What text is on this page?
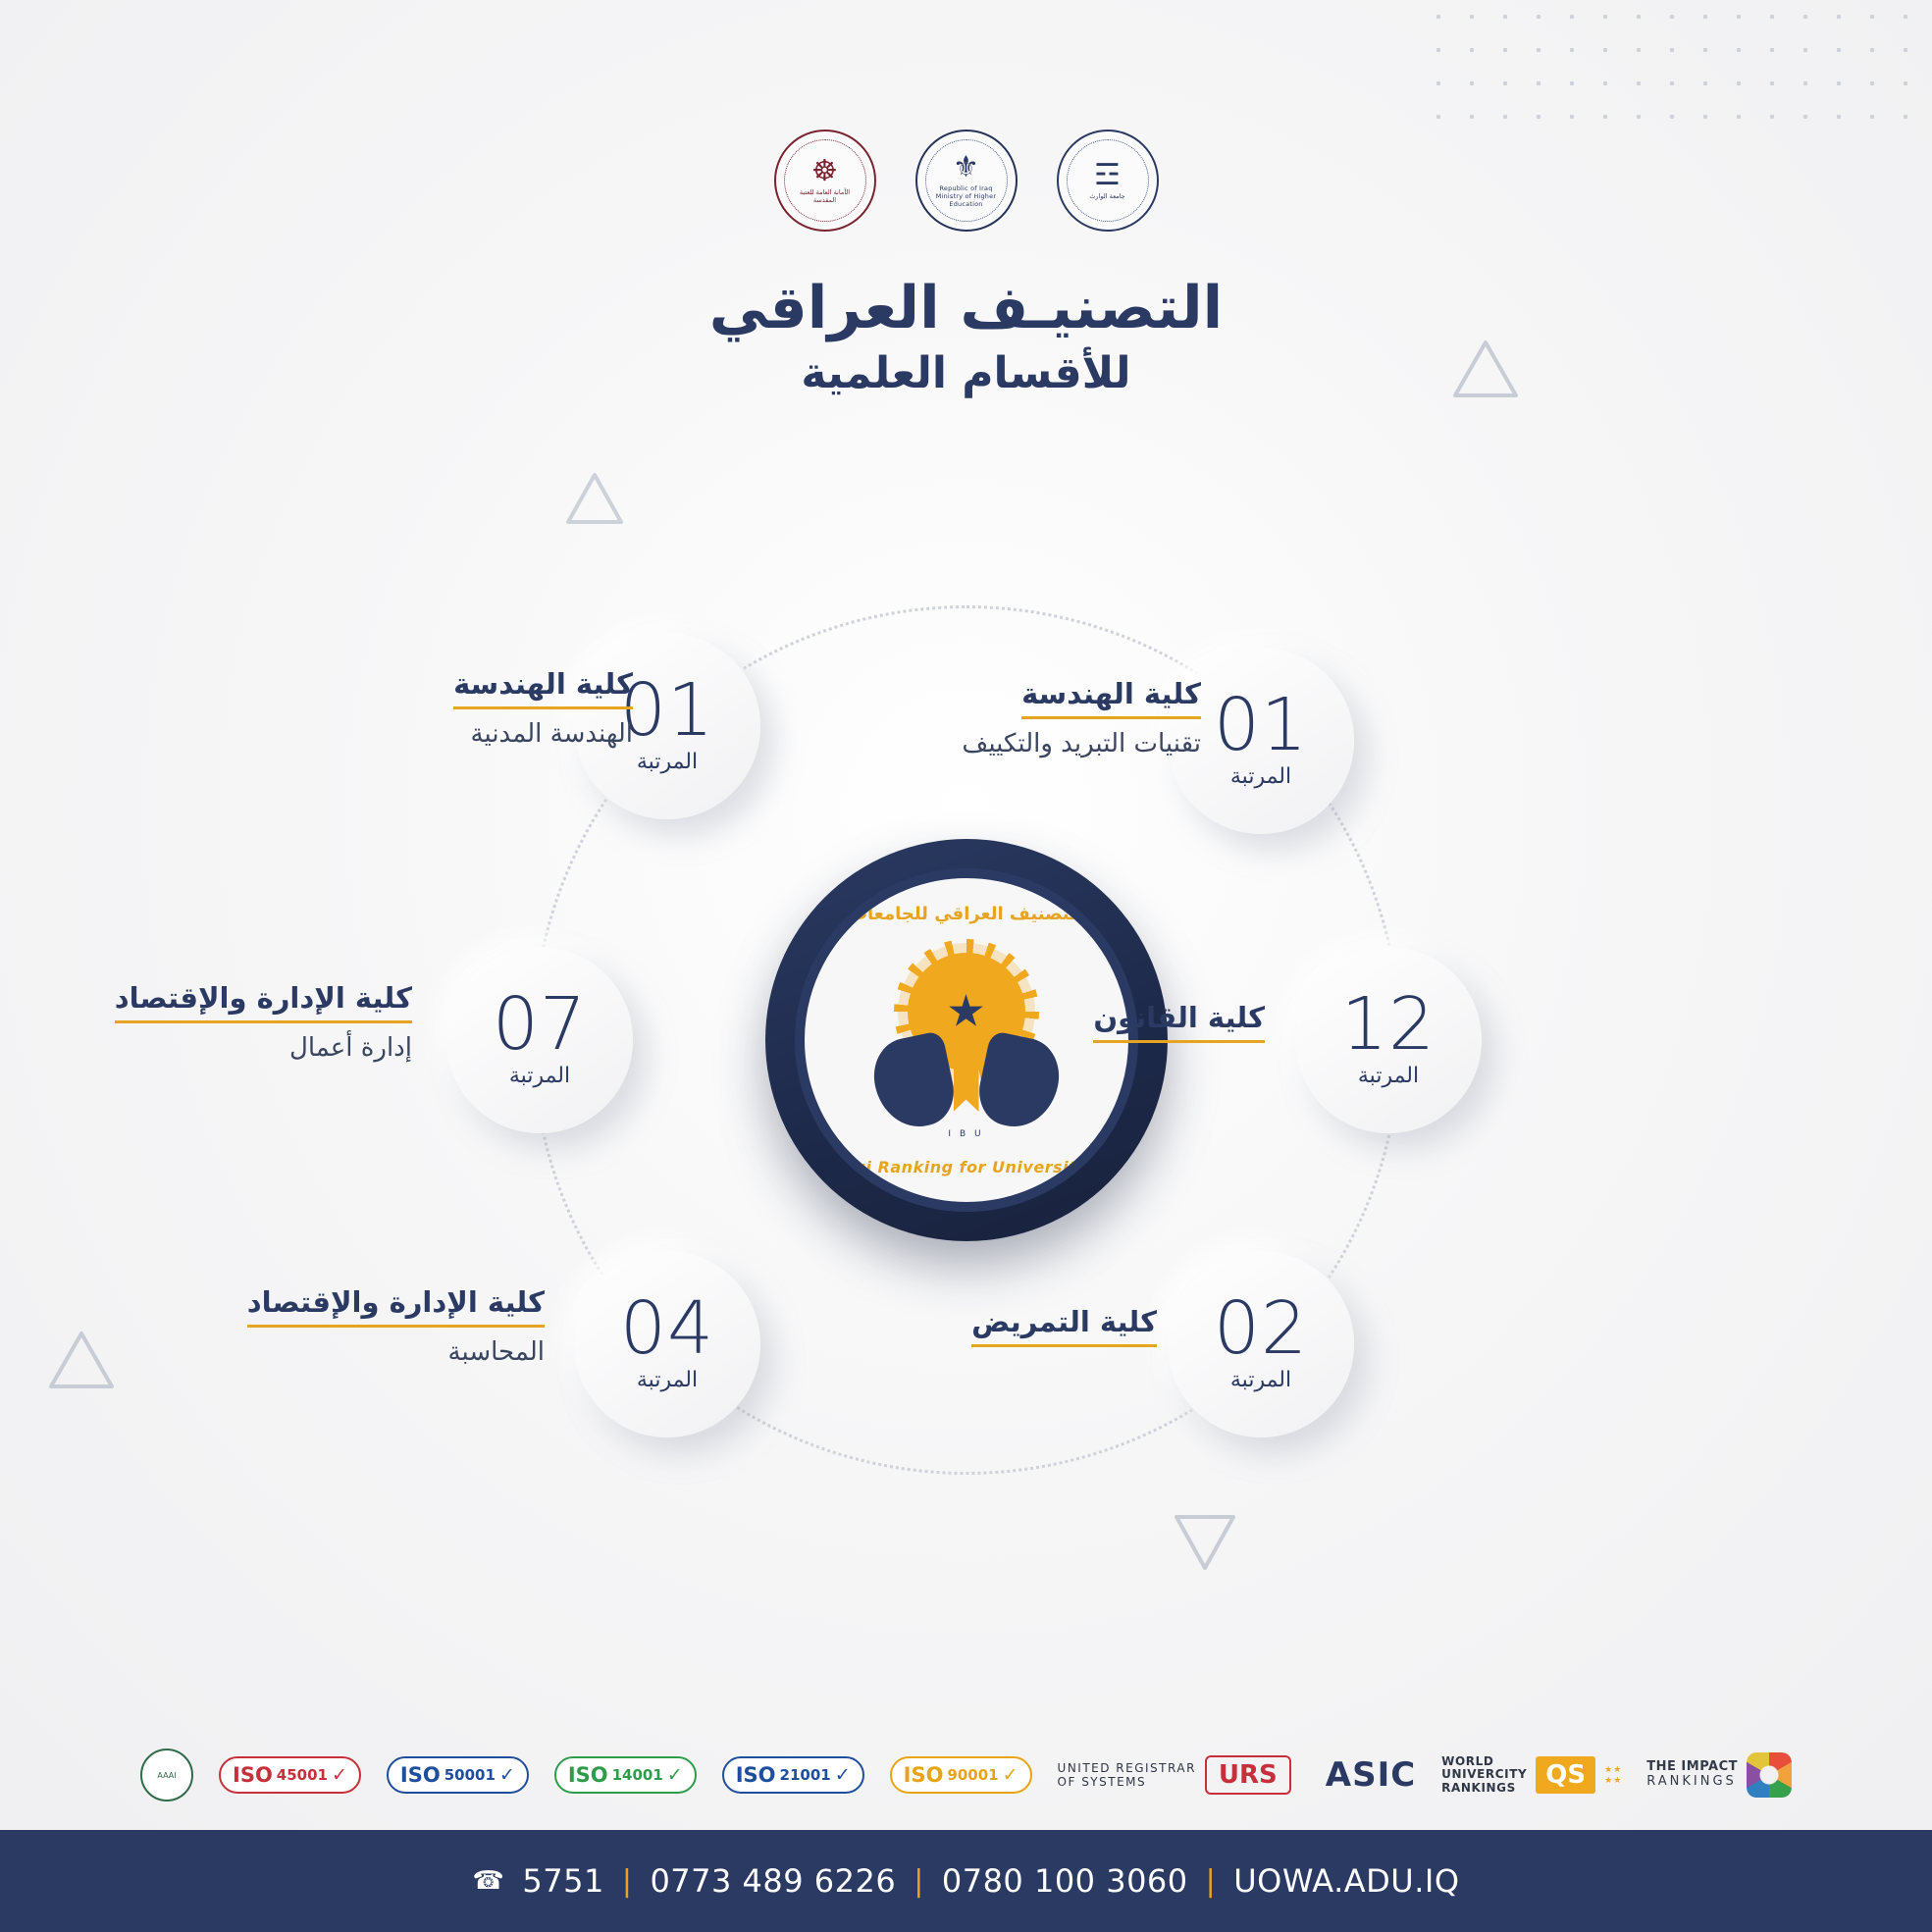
☲
جامعة الوارث
⚜
Republic of Iraq Ministry of Higher Education
☸
الأمانة العامة للعتبة المقدسة
التصنيـف العراقي
للأقسام العلمية
التصنيف العراقي للجامعات
I B U
Iraqi Ranking for Universities
01
المرتبة
كلية الهندسة
تقنيات التبريد والتكييف
12
المرتبة
كلية القانون
02
المرتبة
كلية التمريض
01
المرتبة
كلية الهندسة
الهندسة المدنية
07
المرتبة
كلية الإدارة والإقتصاد
إدارة أعمال
04
المرتبة
كلية الإدارة والإقتصاد
المحاسبة
THE IMPACT
RANKINGS
★
★
★
★
QS
WORLD
UNIVERCITY
RANKINGS
ASIC
URS
UNITED REGISTRAR
OF SYSTEMS
ISO 90001 ✓
ISO 21001 ✓
ISO 14001 ✓
ISO 50001 ✓
ISO 45001 ✓
AAAI
☎ 5751 | 0773 489 6226 | 0780 100 3060 | UOWA.ADU.IQ
